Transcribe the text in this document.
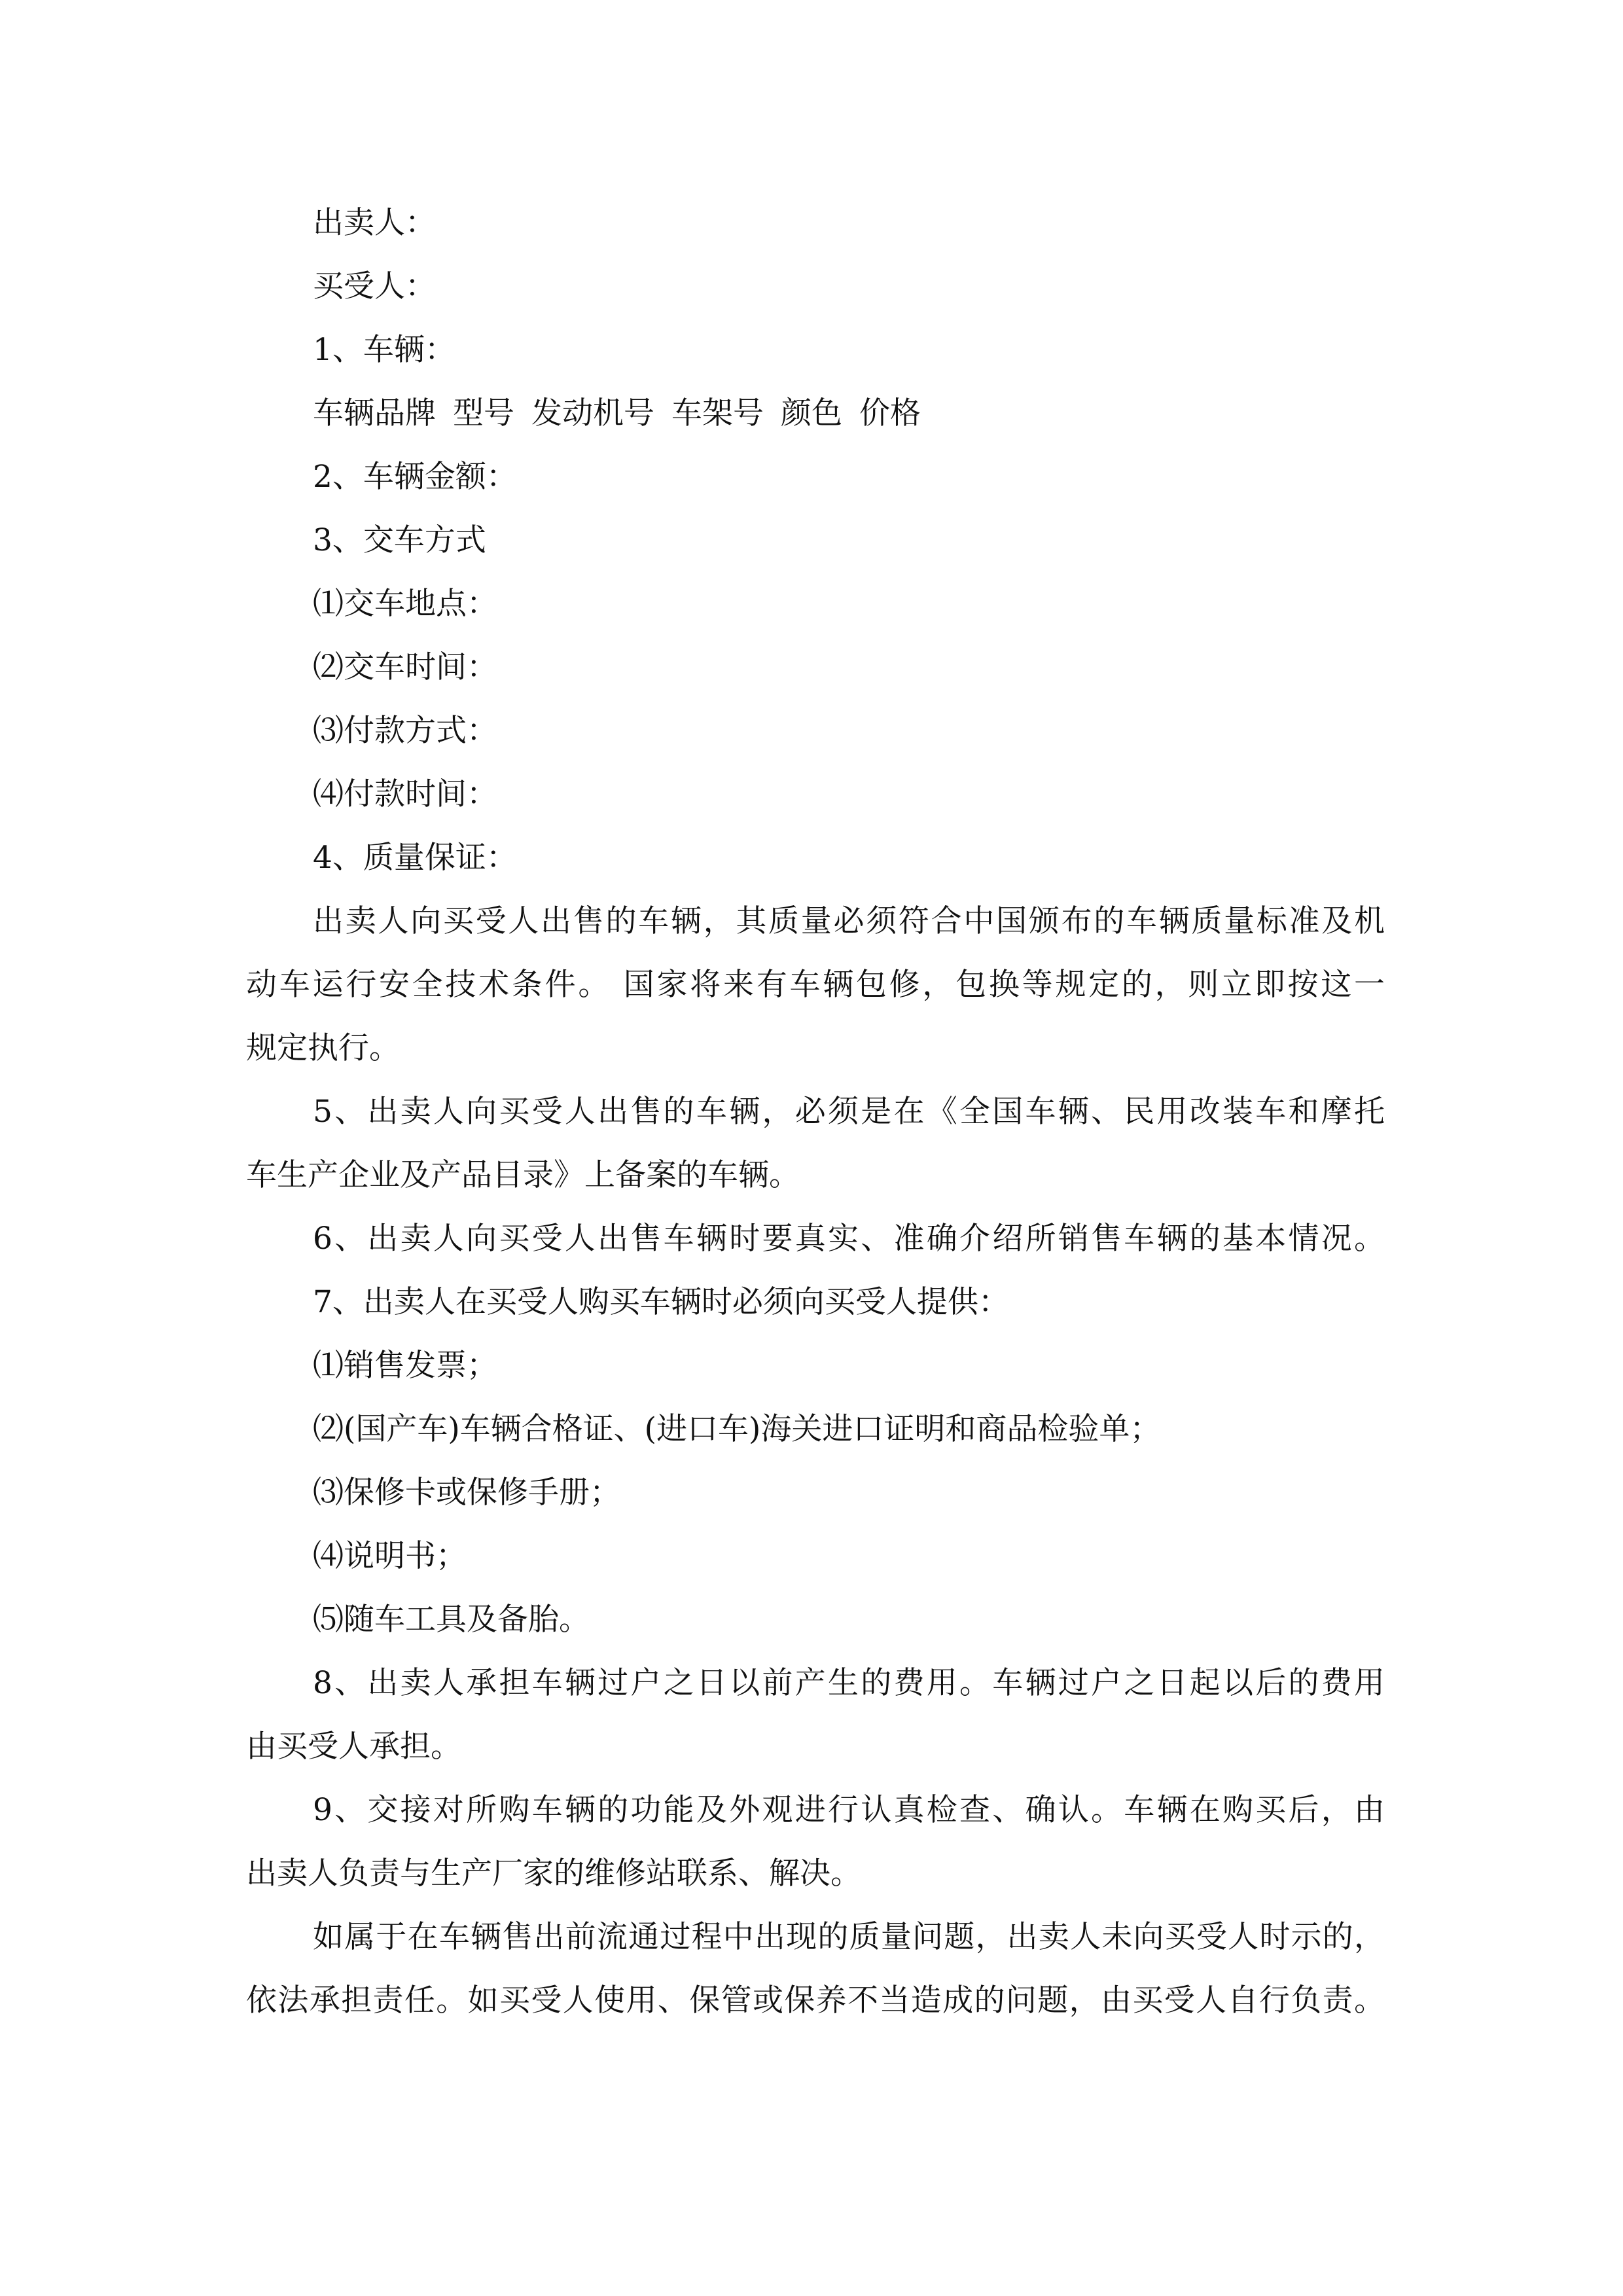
出卖人：
买受人：
1、车辆：
车辆品牌 型号 发动机号 车架号 颜色 价格
2、车辆金额：
3、交车方式
⑴交车地点：
⑵交车时间：
⑶付款方式：
⑷付款时间：
4、质量保证：
出卖人向买受人出售的车辆，其质量必须符合中国颁布的车辆质量标准及机
动车运行安全技术条件。 国家将来有车辆包修，包换等规定的，则立即按这一
规定执行。
5、出卖人向买受人出售的车辆，必须是在《全国车辆、民用改装车和摩托
车生产企业及产品目录》上备案的车辆。
6、出卖人向买受人出售车辆时要真实、准确介绍所销售车辆的基本情况。
7、出卖人在买受人购买车辆时必须向买受人提供：
⑴销售发票；
⑵(国产车)车辆合格证、(进口车)海关进口证明和商品检验单；
⑶保修卡或保修手册；
⑷说明书；
⑸随车工具及备胎。
8、出卖人承担车辆过户之日以前产生的费用。车辆过户之日起以后的费用
由买受人承担。
9、交接对所购车辆的功能及外观进行认真检查、确认。车辆在购买后，由
出卖人负责与生产厂家的维修站联系、解决。
如属于在车辆售出前流通过程中出现的质量问题，出卖人未向买受人时示的，
依法承担责任。如买受人使用、保管或保养不当造成的问题，由买受人自行负责。
